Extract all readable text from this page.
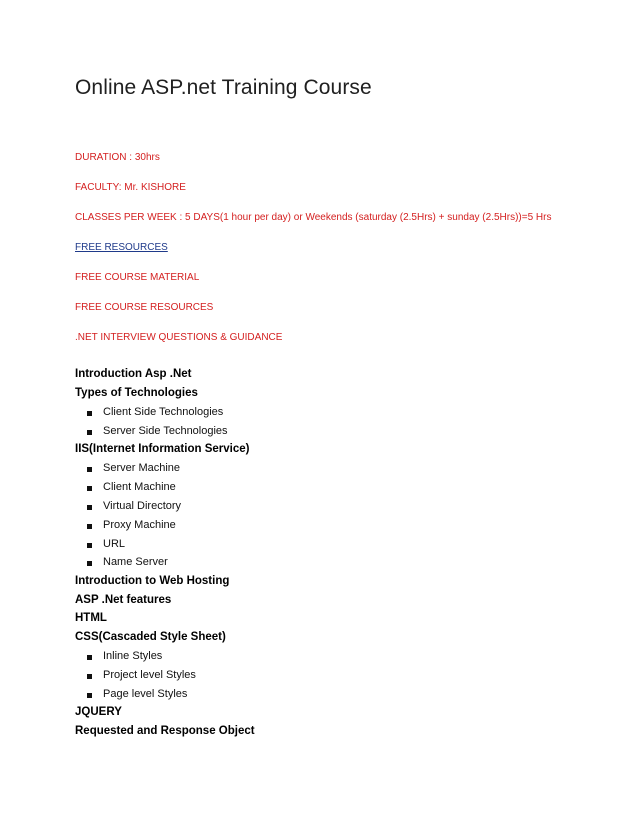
Online ASP.net Training Course
DURATION : 30hrs
FACULTY: Mr. KISHORE
CLASSES PER WEEK : 5 DAYS(1 hour per day) or Weekends (saturday (2.5Hrs) + sunday (2.5Hrs))=5 Hrs
FREE RESOURCES
FREE COURSE MATERIAL
FREE COURSE RESOURCES
.NET INTERVIEW QUESTIONS & GUIDANCE
Introduction Asp .Net
Types of Technologies
Client Side Technologies
Server Side Technologies
IIS(Internet Information Service)
Server Machine
Client Machine
Virtual Directory
Proxy Machine
URL
Name Server
Introduction to Web Hosting
ASP .Net features
HTML
CSS(Cascaded Style Sheet)
Inline Styles
Project level Styles
Page level Styles
JQUERY
Requested and Response Object
